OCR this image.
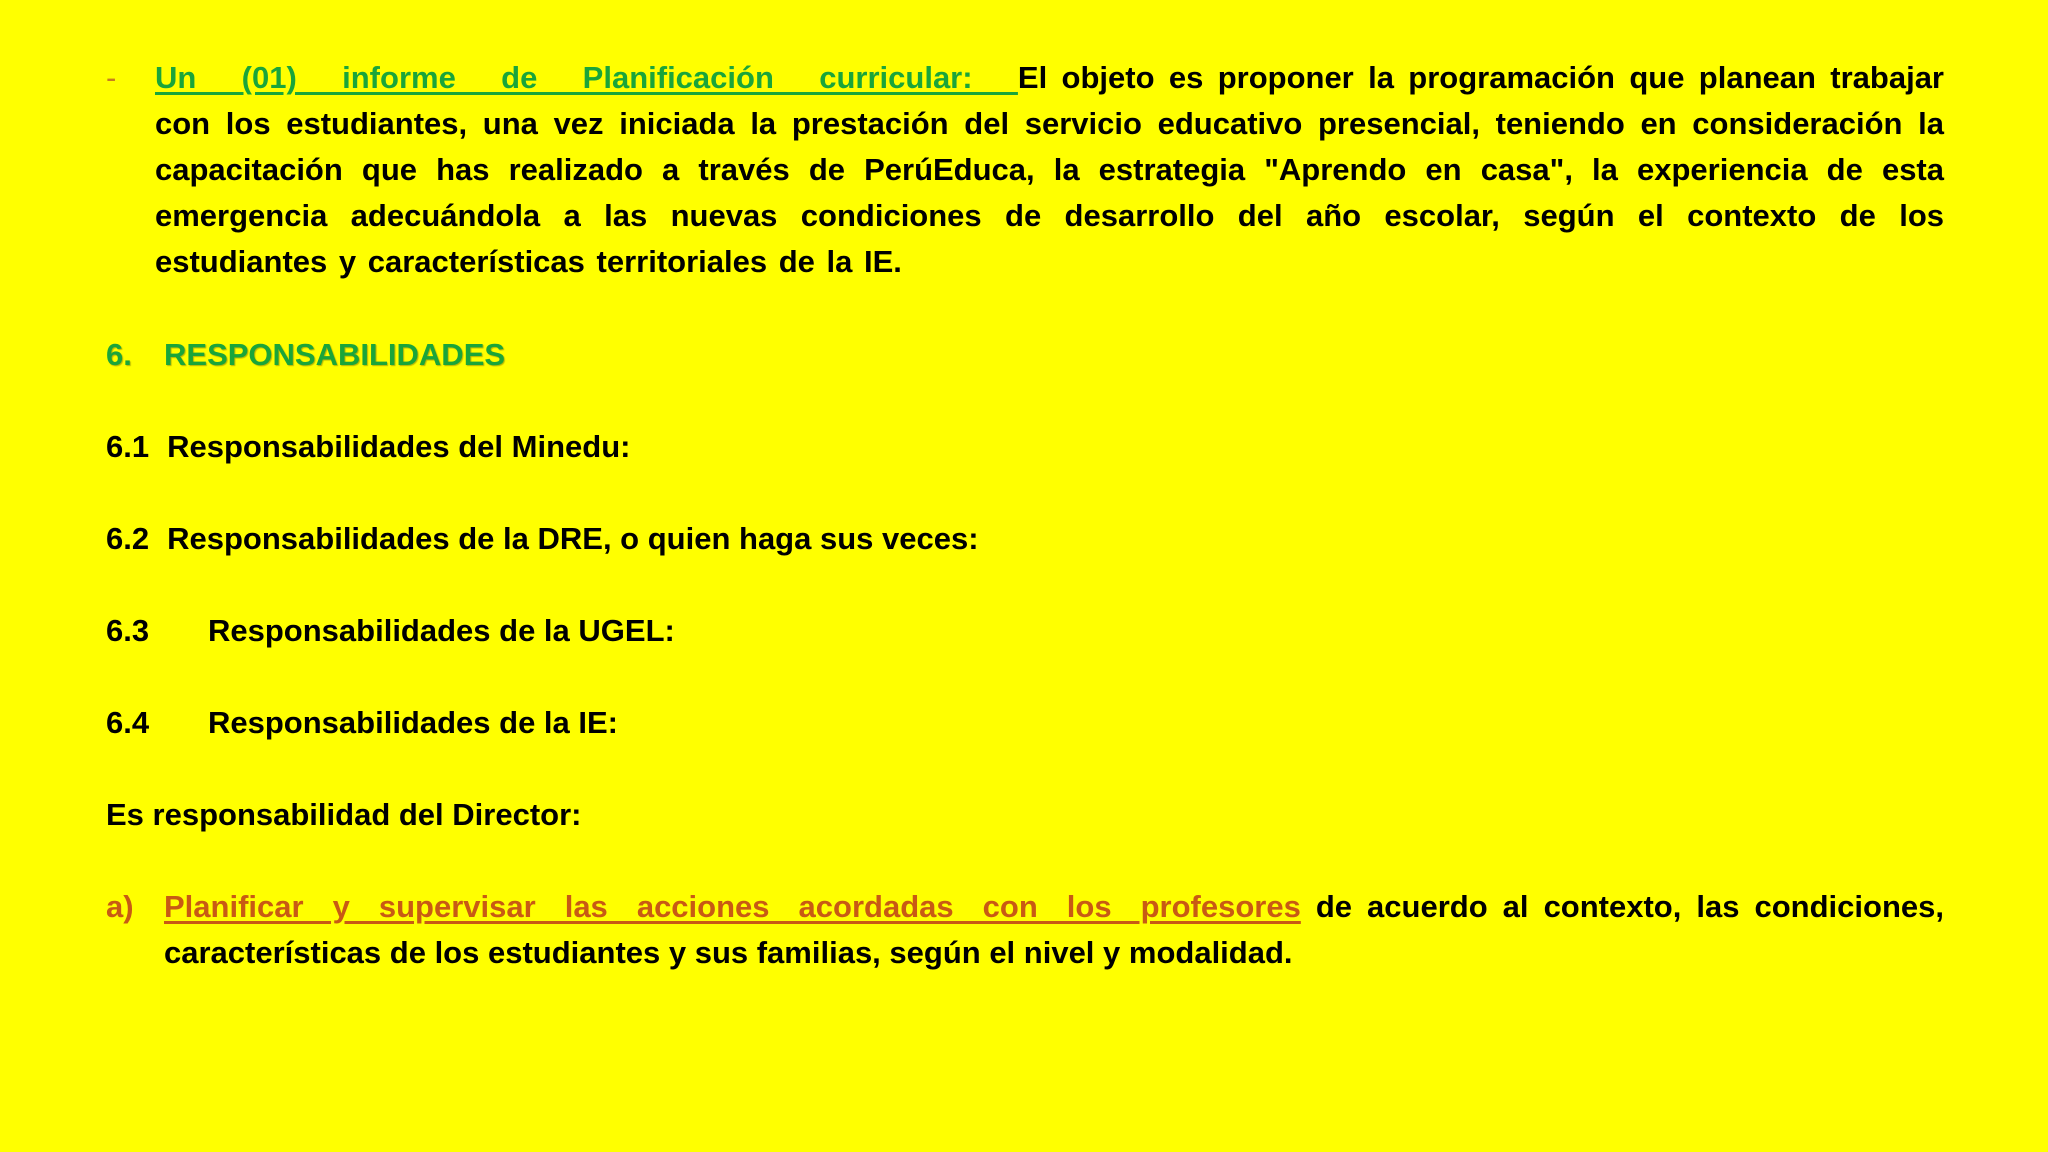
- Un (01) informe de Planificación curricular: El objeto es proponer la programación que planean trabajar con los estudiantes, una vez iniciada la prestación del servicio educativo presencial, teniendo en consideración la capacitación que has realizado a través de PerúEduca, la estrategia "Aprendo en casa", la experiencia de esta emergencia adecuándola a las nuevas condiciones de desarrollo del año escolar, según el contexto de los estudiantes y características territoriales de la IE.
6. RESPONSABILIDADES
6.1 Responsabilidades del Minedu:
6.2 Responsabilidades de la DRE, o quien haga sus veces:
6.3 Responsabilidades de la UGEL:
6.4 Responsabilidades de la IE:
Es responsabilidad del Director:
a) Planificar y supervisar las acciones acordadas con los profesores de acuerdo al contexto, las condiciones, características de los estudiantes y sus familias, según el nivel y modalidad.
